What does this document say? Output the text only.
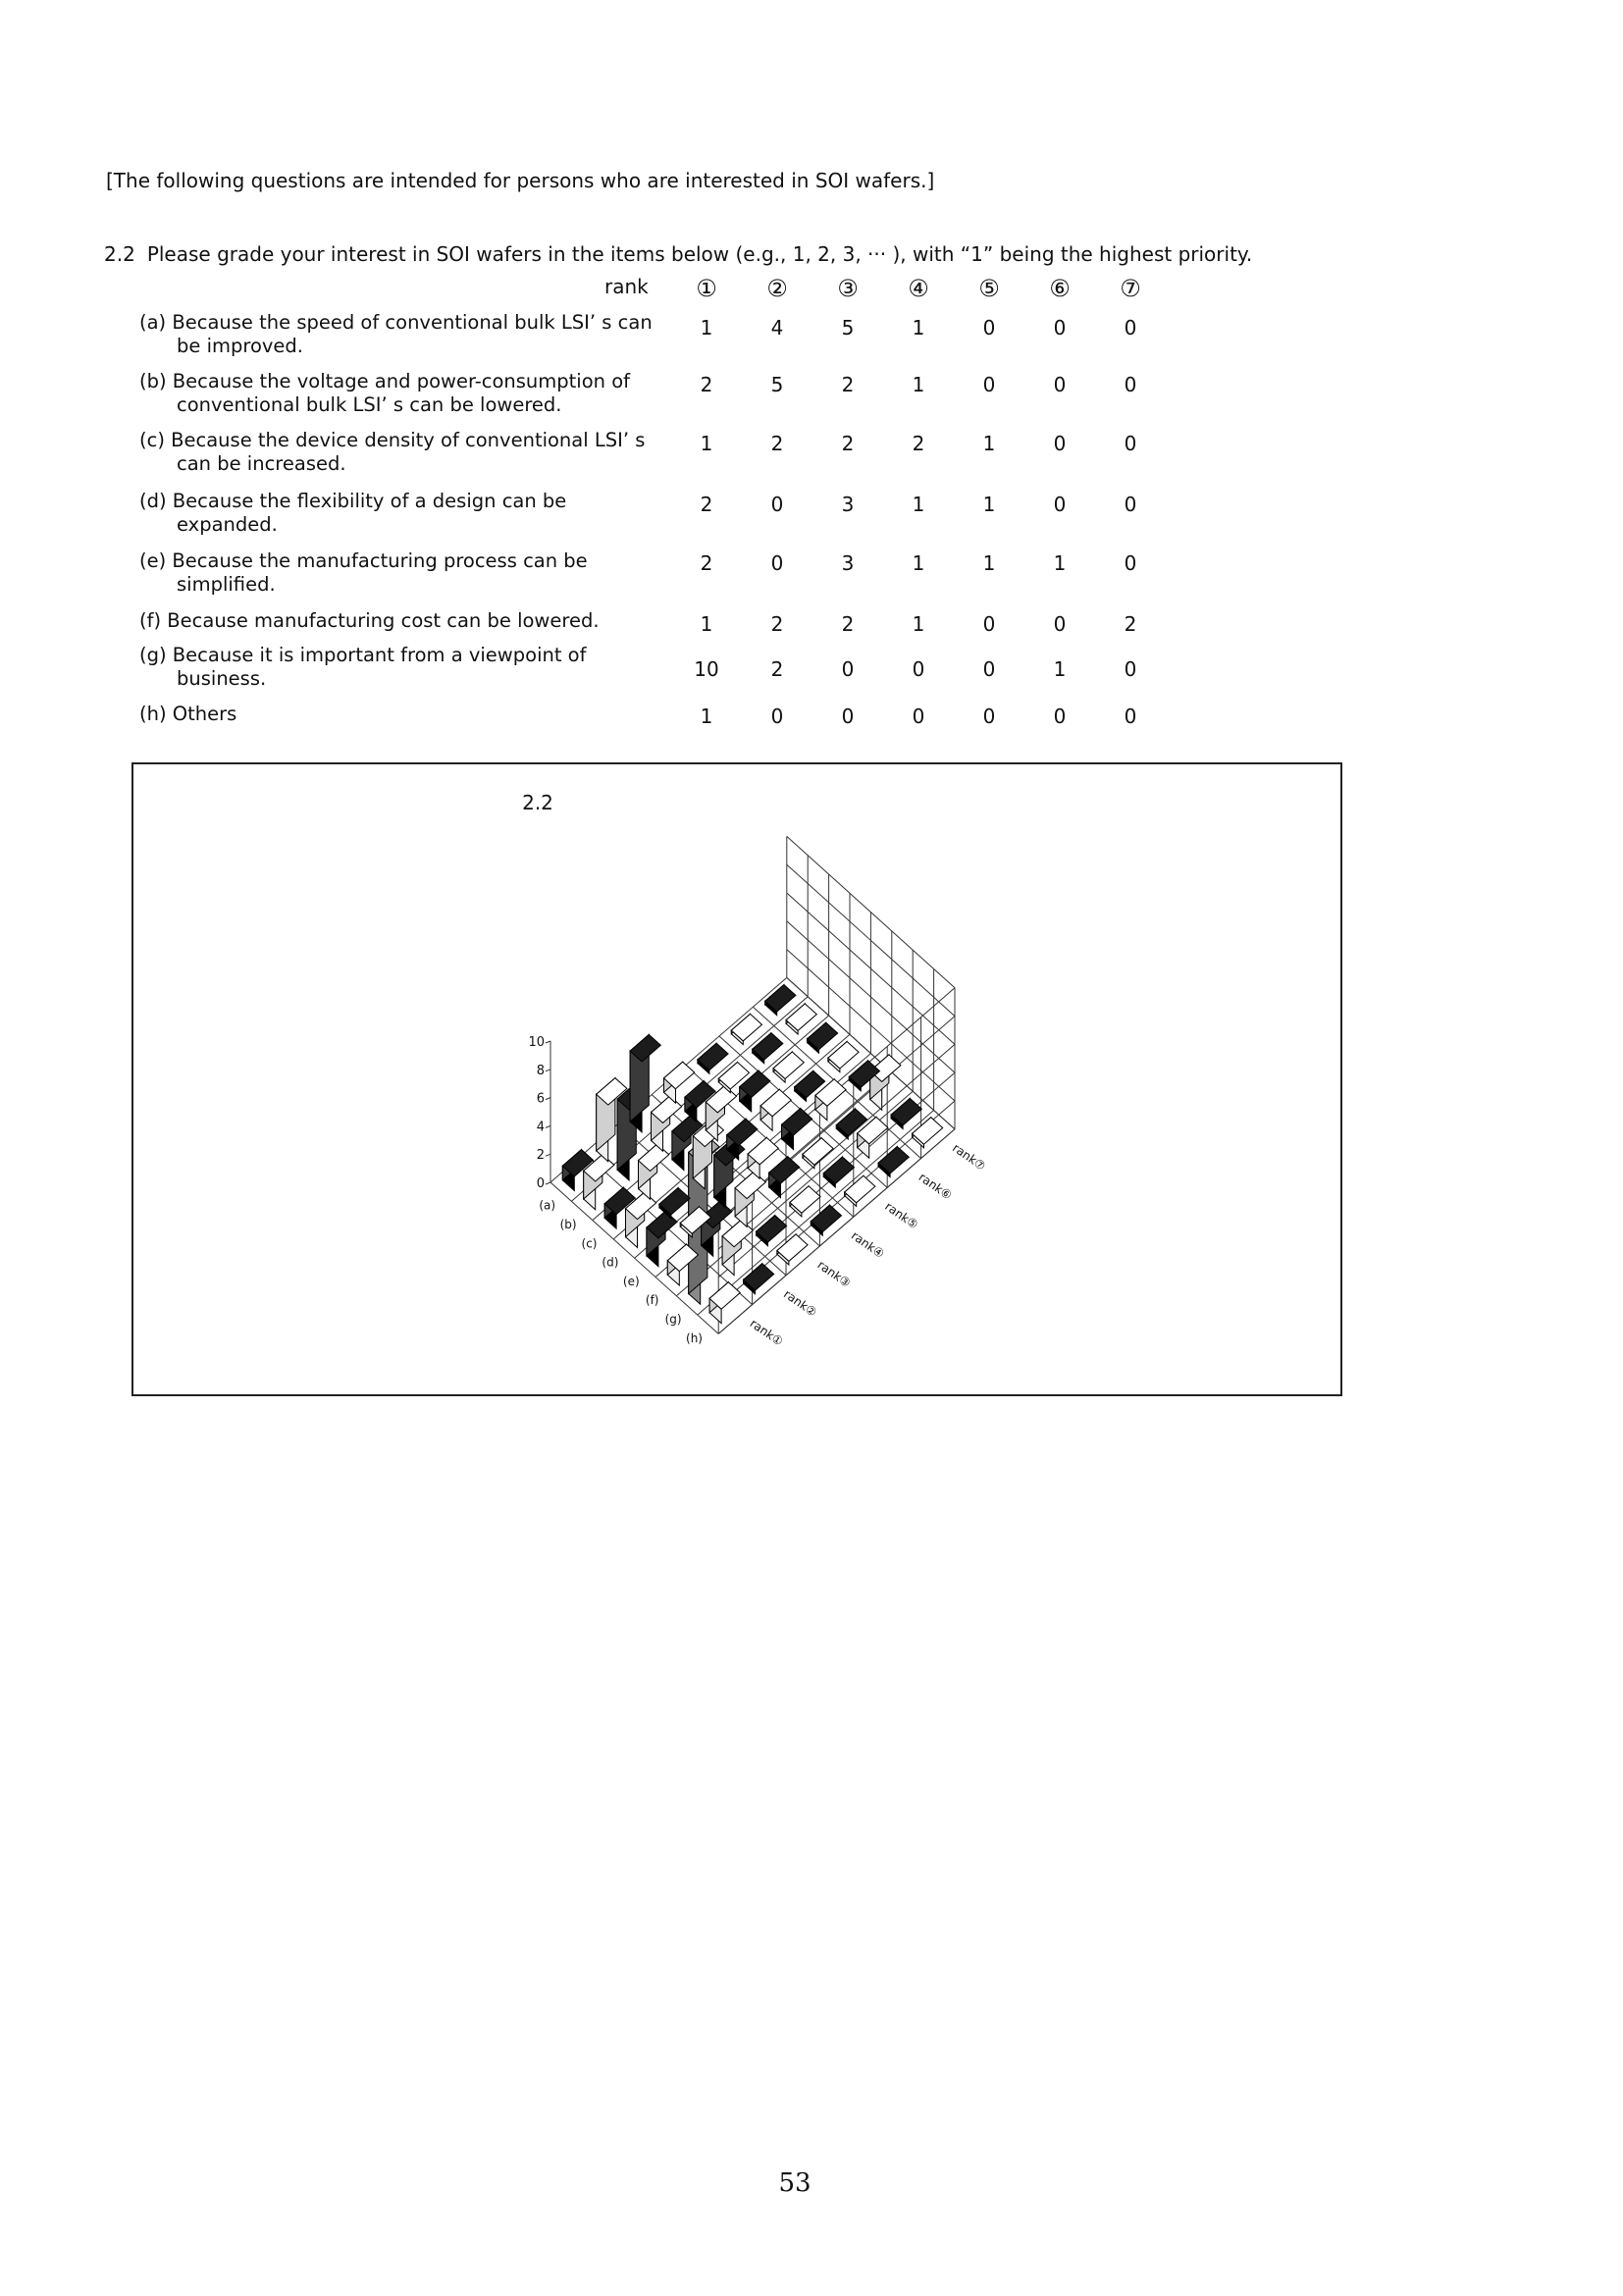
[The following questions are intended for persons who are interested in SOI wafers.]
2.2 Please grade your interest in SOI wafers in the items below (e.g., 1, 2, 3, ··· ), with “1” being the highest priority.
rank	①	②	③	④	⑤	⑥	⑦
(a) Because the speed of conventional bulk LSI’ s can
be improved.
1	4	5	1	0	0	0
(b) Because the voltage and power-consumption of
conventional bulk LSI’ s can be lowered.
2	5	2	1	0	0	0
(c) Because the device density of conventional LSI’ s
can be increased.
1	2	2	2	1	0	0
(d) Because the flexibility of a design can be
expanded.
2	0	3	1	1	0	0
(e) Because the manufacturing process can be
simplified.
2	0	3	1	1	1	0
(f) Because manufacturing cost can be lowered.	1	2	2	1	0	0	2
(g) Because it is important from a viewpoint of
business.	10	2	0	0	0	1	0
(h) Others	1	0	0	0	0	0	0
2.2
0
2
4
6
8
10
(a)
(b)
(c)
(d)
(e)
(f)
(g)
(h)	rank①
rank②
rank③
rank④
rank⑤
rank⑥
rank⑦
53
